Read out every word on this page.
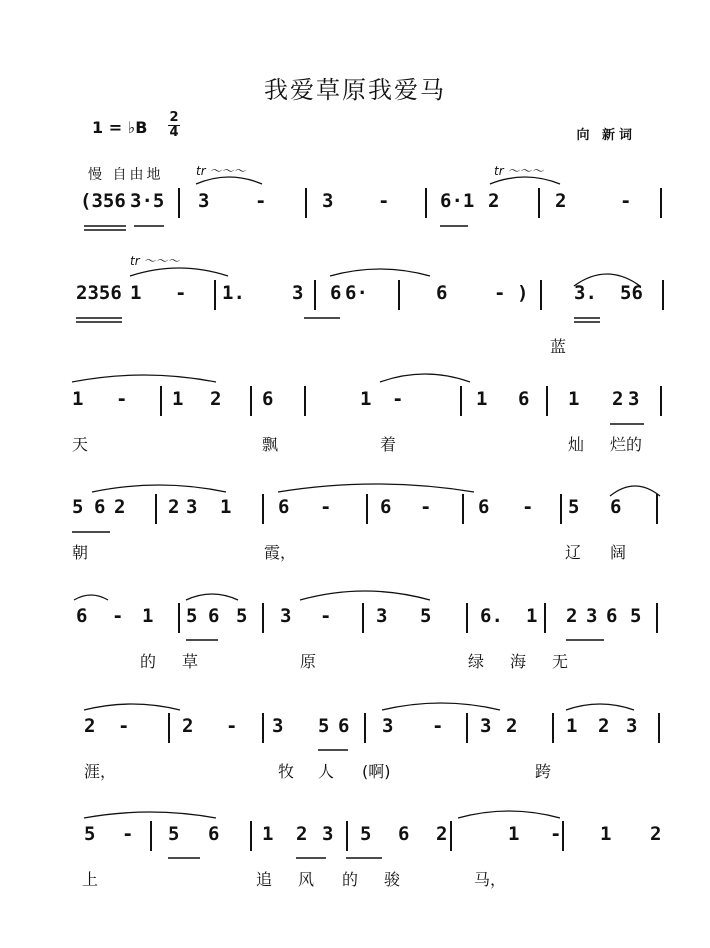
我爱草原我爱马
1 = ♭B
2
4	向 新词
慢 自由地
(356 3·5 3 -	3 -	6·1 2	2	-
2356 1 - 1. 3 6 6·	6 - ) 3. 56
蓝
1 - 1 2 6	1 -	1 6 1 2 3
天	飘	着	灿 烂的
5 6 2 2 3 1 6 -	6 - 6 - 5 6
朝	霞，	辽 阔
6 - 1 5 6 5 3 - 3 5	6. 1 2 3 6 5
的 草	原	绿 海 无
2 -	2 - 3 5 6 3 - 3 2	1 2 3
涯，	牧 人 (啊)	跨
5 - 5 6 1 2 3 5 6 2	1 - 1 2
上	追 风 的 骏	马，
tr 〜〜〜	tr 〜〜〜
tr 〜〜〜
